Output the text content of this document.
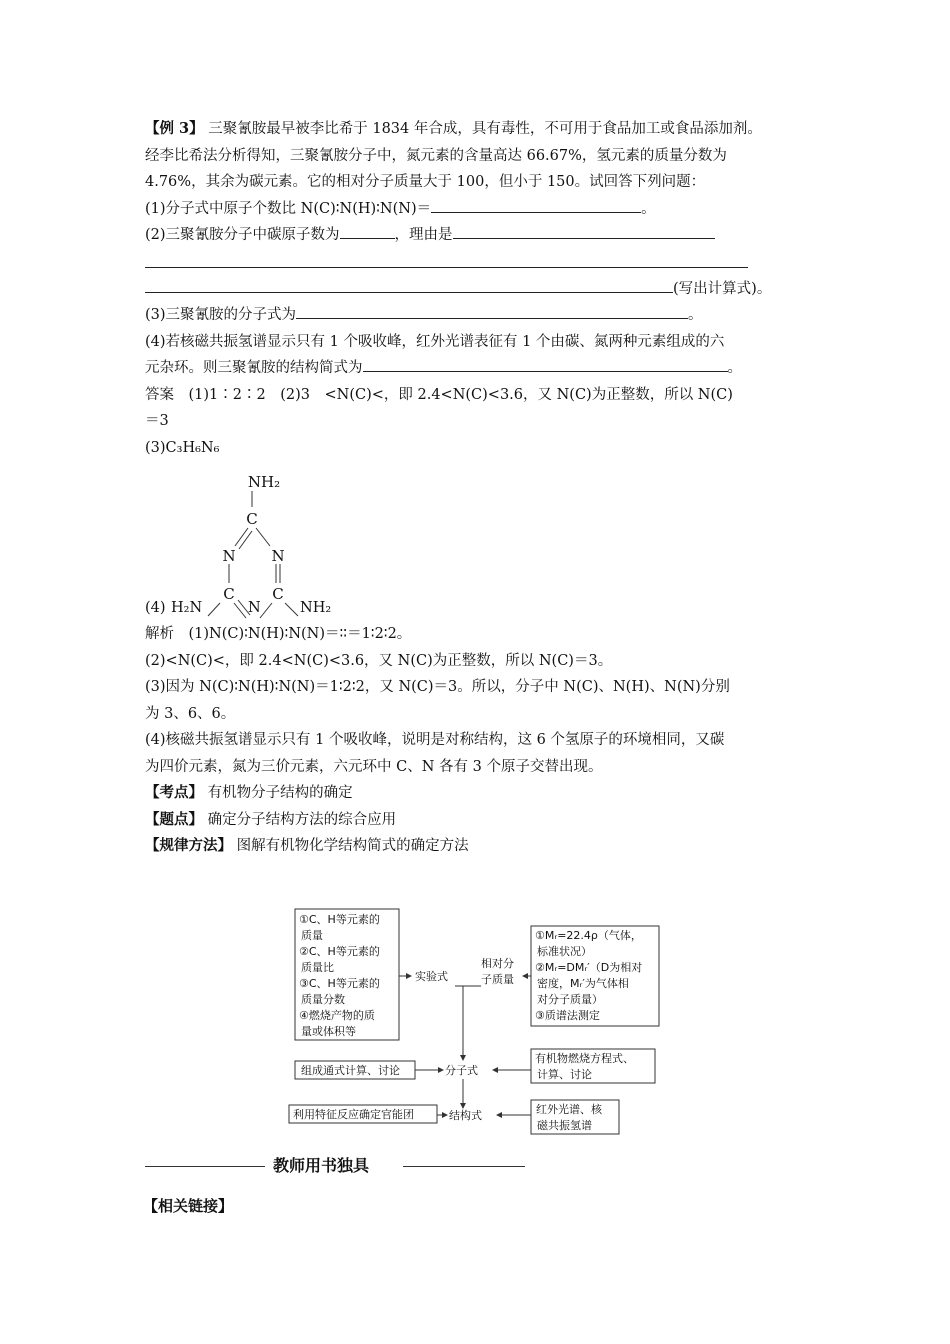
【例 3】 三聚氰胺最早被李比希于 1834 年合成，具有毒性，不可用于食品加工或食品添加剂。
经李比希法分析得知，三聚氰胺分子中，氮元素的含量高达 66.67%，氢元素的质量分数为
4.76%，其余为碳元素。它的相对分子质量大于 100，但小于 150。试回答下列问题：
(1)分子式中原子个数比 N(C)∶N(H)∶N(N)＝	。
(2)三聚氰胺分子中碳原子数为	，理由是
(写出计算式)。
(3)三聚氰胺的分子式为	。
(4)若核磁共振氢谱显示只有 1 个吸收峰，红外光谱表征有 1 个由碳、氮两种元素组成的六
元杂环。则三聚氰胺的结构简式为	。
答案　(1)1∶2∶2　(2)3　<N(C)<，即 2.4<N(C)<3.6，又 N(C)为正整数，所以 N(C)
＝3
(3)C₃H₆N₆
NH₂
C
N N
C	C
(4) H₂N	N	NH₂
解析　(1)N(C)∶N(H)∶N(N)＝∶∶＝1∶2∶2。
(2)<N(C)<，即 2.4<N(C)<3.6，又 N(C)为正整数，所以 N(C)＝3。
(3)因为 N(C)∶N(H)∶N(N)＝1∶2∶2，又 N(C)＝3。所以，分子中 N(C)、N(H)、N(N)分别
为 3、6、6。
(4)核磁共振氢谱显示只有 1 个吸收峰，说明是对称结构，这 6 个氢原子的环境相同，又碳
为四价元素，氮为三价元素，六元环中 C、N 各有 3 个原子交替出现。
【考点】 有机物分子结构的确定
【题点】 确定分子结构方法的综合应用
【规律方法】 图解有机物化学结构简式的确定方法
①C、H等元素的
质量
②C、H等元素的
质量比
③C、H等元素的
质量分数
④燃烧产物的质
量或体积等
实验式
相对分
子质量
①Mᵣ=22.4ρ（气体，
标准状况）
②Mᵣ=DMᵣ′（D为相对
密度，Mᵣ′为气体相
对分子质量）
③质谱法测定
组成通式计算、讨论	分子式
有机物燃烧方程式、
计算、讨论
利用特征反应确定官能团	结构式	红外光谱、核
磁共振氢谱
教师用书独具
【相关链接】
